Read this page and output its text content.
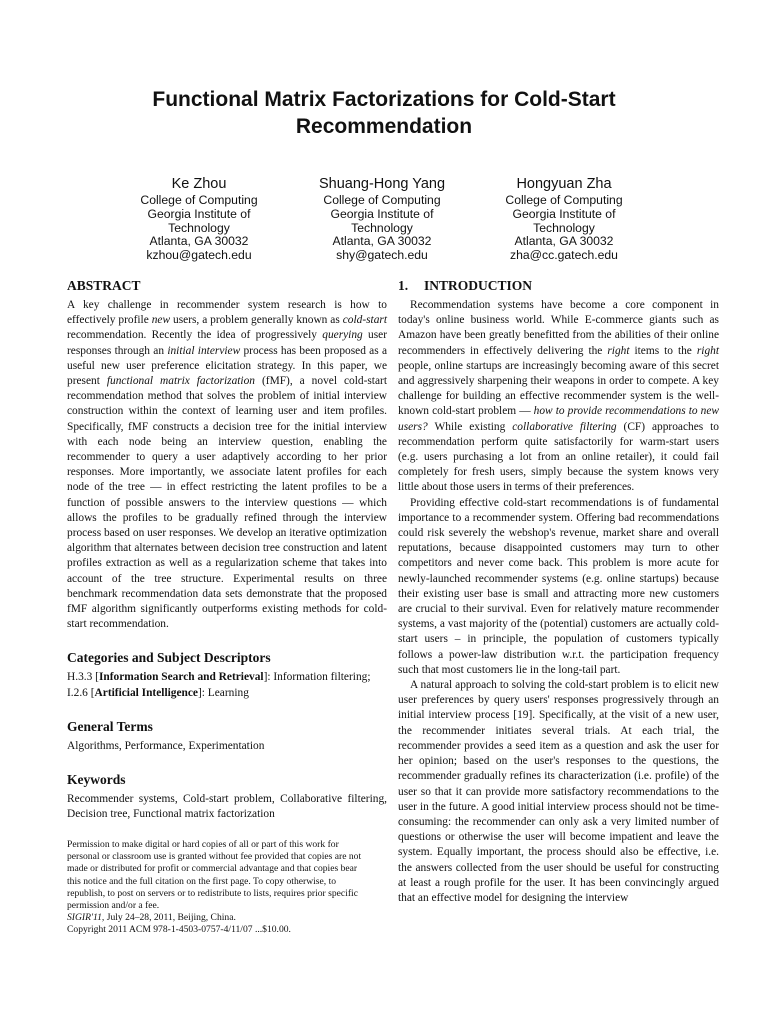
Functional Matrix Factorizations for Cold-Start Recommendation
Ke Zhou
College of Computing
Georgia Institute of
Technology
Atlanta, GA 30032
kzhou@gatech.edu
Shuang-Hong Yang
College of Computing
Georgia Institute of
Technology
Atlanta, GA 30032
shy@gatech.edu
Hongyuan Zha
College of Computing
Georgia Institute of
Technology
Atlanta, GA 30032
zha@cc.gatech.edu
ABSTRACT

A key challenge in recommender system research is how to effectively profile new users, a problem generally known as cold-start recommendation. Recently the idea of progressively querying user responses through an initial interview process has been proposed as a useful new user preference elicitation strategy. In this paper, we present functional matrix factorization (fMF), a novel cold-start recommendation method that solves the problem of initial interview construction within the context of learning user and item profiles. Specifically, fMF constructs a decision tree for the initial interview with each node being an interview question, enabling the recommender to query a user adaptively according to her prior responses. More importantly, we associate latent profiles for each node of the tree — in effect restricting the latent profiles to be a function of possible answers to the interview questions — which allows the profiles to be gradually refined through the interview process based on user responses. We develop an iterative optimization algorithm that alternates between decision tree construction and latent profiles extraction as well as a regularization scheme that takes into account of the tree structure. Experimental results on three benchmark recommendation data sets demonstrate that the proposed fMF algorithm significantly outperforms existing methods for cold-start recommendation.

Categories and Subject Descriptors

H.3.3 [Information Search and Retrieval]: Information filtering; I.2.6 [Artificial Intelligence]: Learning

General Terms

Algorithms, Performance, Experimentation

Keywords

Recommender systems, Cold-start problem, Collaborative filtering, Decision tree, Functional matrix factorization

Permission to make digital or hard copies of all or part of this work for personal or classroom use is granted without fee provided that copies are not made or distributed for profit or commercial advantage and that copies bear this notice and the full citation on the first page. To copy otherwise, to republish, to post on servers or to redistribute to lists, requires prior specific permission and/or a fee.

SIGIR'11, July 24–28, 2011, Beijing, China.

Copyright 2011 ACM 978-1-4503-0757-4/11/07 ...$10.00.

1. INTRODUCTION

Recommendation systems have become a core component in today's online business world. While E-commerce giants such as Amazon have been greatly benefitted from the abilities of their online recommenders in effectively delivering the right items to the right people, online startups are increasingly becoming aware of this secret and aggressively sharpening their weapons in order to compete. A key challenge for building an effective recommender system is the well-known cold-start problem — how to provide recommendations to new users? While existing collaborative filtering (CF) approaches to recommendation perform quite satisfactorily for warm-start users (e.g. users purchasing a lot from an online retailer), it could fail completely for fresh users, simply because the system knows very little about those users in terms of their preferences.

Providing effective cold-start recommendations is of fundamental importance to a recommender system. Offering bad recommendations could risk severely the webshop's revenue, market share and overall reputations, because disappointed customers may turn to other competitors and never come back. This problem is more acute for newly-launched recommender systems (e.g. online startups) because their existing user base is small and attracting more new customers are crucial to their survival. Even for relatively mature recommender systems, a vast majority of the (potential) customers are actually cold-start users – in principle, the population of customers typically follows a power-law distribution w.r.t. the participation frequency such that most customers lie in the long-tail part.

A natural approach to solving the cold-start problem is to elicit new user preferences by query users' responses progressively through an initial interview process [19]. Specifically, at the visit of a new user, the recommender initiates several trials. At each trial, the recommender provides a seed item as a question and ask the user for her opinion; based on the user's responses to the questions, the recommender gradually refines its characterization (i.e. profile) of the user so that it can provide more satisfactory recommendations to the user in the future. A good initial interview process should not be time-consuming: the recommender can only ask a very limited number of questions or otherwise the user will become impatient and leave the system. Equally important, the process should also be effective, i.e. the answers collected from the user should be useful for constructing at least a rough profile for the user. It has been convincingly argued that an effective model for designing the interview
